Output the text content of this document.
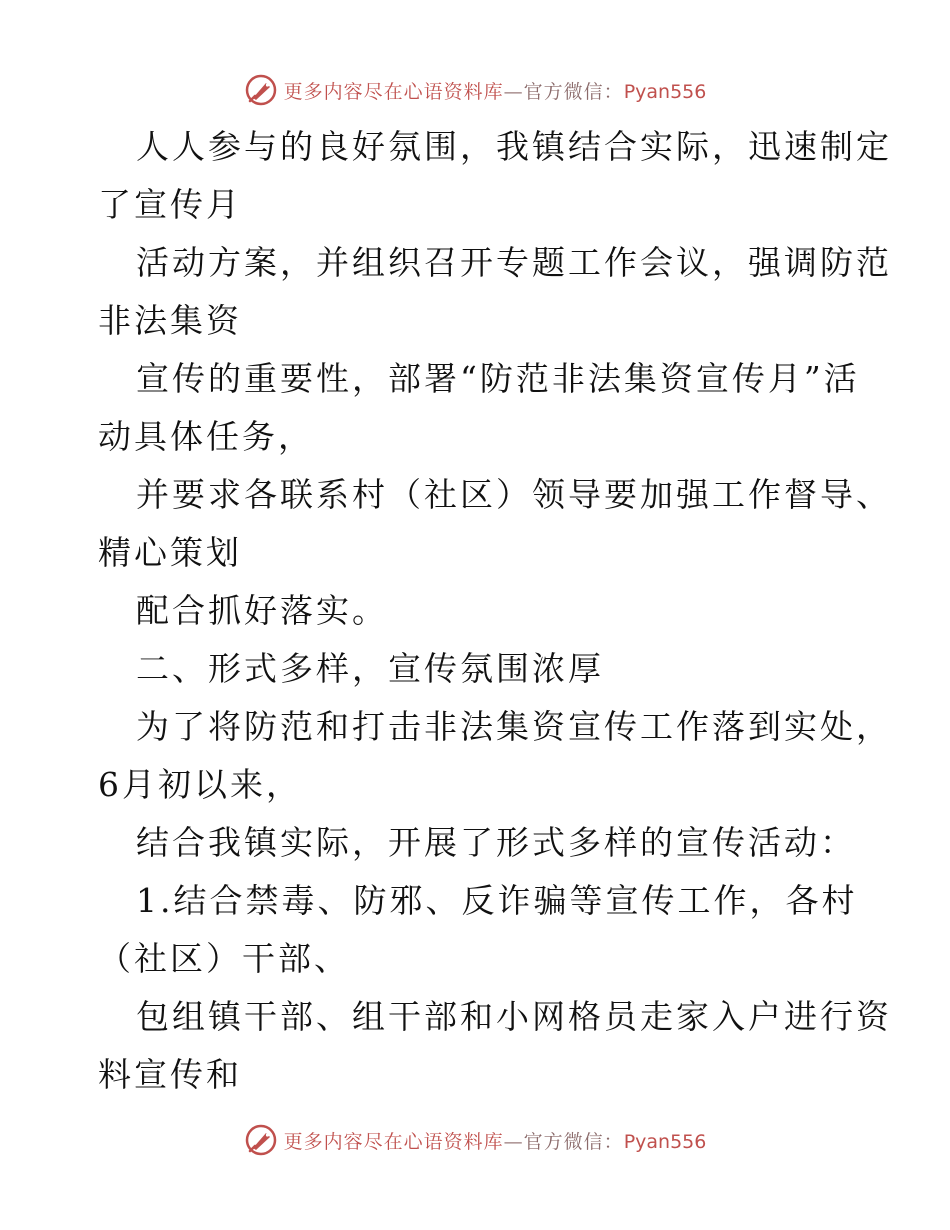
更多内容尽在心语资料库—官方微信：Pyan556
人人参与的良好氛围，我镇结合实际，迅速制定
了宣传月
活动方案，并组织召开专题工作会议，强调防范
非法集资
宣传的重要性，部署“防范非法集资宣传月”活
动具体任务，
并要求各联系村（社区）领导要加强工作督导、
精心策划
配合抓好落实。
二、形式多样，宣传氛围浓厚
为了将防范和打击非法集资宣传工作落到实处，
6月初以来，
结合我镇实际，开展了形式多样的宣传活动：
1.结合禁毒、防邪、反诈骗等宣传工作，各村
（社区）干部、
包组镇干部、组干部和小网格员走家入户进行资
料宣传和
更多内容尽在心语资料库—官方微信：Pyan556
